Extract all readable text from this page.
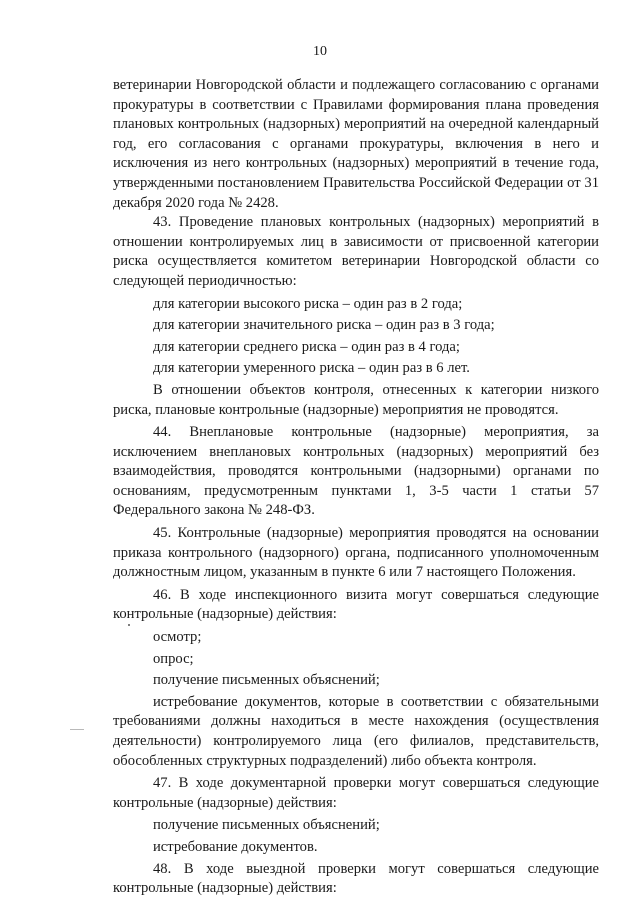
10

ветеринарии Новгородской области и подлежащего согласованию с органами прокуратуры в соответствии с Правилами формирования плана проведения плановых контрольных (надзорных) мероприятий на очередной календарный год, его согласования с органами прокуратуры, включения в него и исключения из него контрольных (надзорных) мероприятий в течение года, утвержденными постановлением Правительства Российской Федерации от 31 декабря 2020 года № 2428.

43. Проведение плановых контрольных (надзорных) мероприятий в отношении контролируемых лиц в зависимости от присвоенной категории риска осуществляется комитетом ветеринарии Новгородской области со следующей периодичностью:

для категории высокого риска – один раз в 2 года;

для категории значительного риска – один раз в 3 года;

для категории среднего риска – один раз в 4 года;

для категории умеренного риска – один раз в 6 лет.

В отношении объектов контроля, отнесенных к категории низкого риска, плановые контрольные (надзорные) мероприятия не проводятся.

44. Внеплановые контрольные (надзорные) мероприятия, за исключением внеплановых контрольных (надзорных) мероприятий без взаимодействия, проводятся контрольными (надзорными) органами по основаниям, предусмотренным пунктами 1, 3-5 части 1 статьи 57 Федерального закона № 248-ФЗ.

45. Контрольные (надзорные) мероприятия проводятся на основании приказа контрольного (надзорного) органа, подписанного уполномоченным должностным лицом, указанным в пункте 6 или 7 настоящего Положения.

46. В ходе инспекционного визита могут совершаться следующие контрольные (надзорные) действия:

осмотр;

опрос;

получение письменных объяснений;

истребование документов, которые в соответствии с обязательными требованиями должны находиться в месте нахождения (осуществления деятельности) контролируемого лица (его филиалов, представительств, обособленных структурных подразделений) либо объекта контроля.

47. В ходе документарной проверки могут совершаться следующие контрольные (надзорные) действия:

получение письменных объяснений;

истребование документов.

48. В ходе выездной проверки могут совершаться следующие контрольные (надзорные) действия:
